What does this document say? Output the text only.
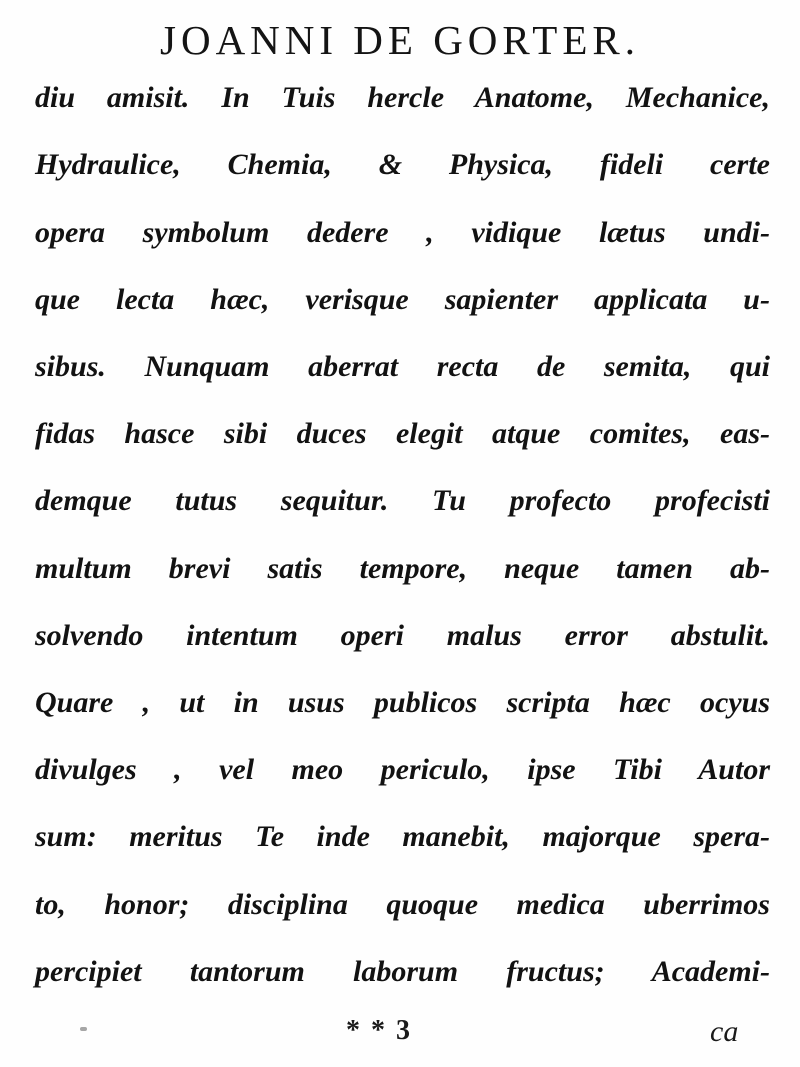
JOANNI DE GORTER.
diu amisit. In Tuis hercle Anatome, Mechanice,
Hydraulice, Chemia, & Physica, fideli certe
opera symbolum dedere , vidique lætus undi-
que lecta hæc, verisque sapienter applicata u-
sibus. Nunquam aberrat recta de semita, qui
fidas hasce sibi duces elegit atque comites, eas-
demque tutus sequitur. Tu profecto profecisti
multum brevi satis tempore, neque tamen ab-
solvendo intentum operi malus error abstulit.
Quare , ut in usus publicos scripta hæc ocyus
divulges , vel meo periculo, ipse Tibi Autor
sum: meritus Te inde manebit, majorque spera-
to, honor; disciplina quoque medica uberrimos
percipiet tantorum laborum fructus; Academi-
* * 3	ca
